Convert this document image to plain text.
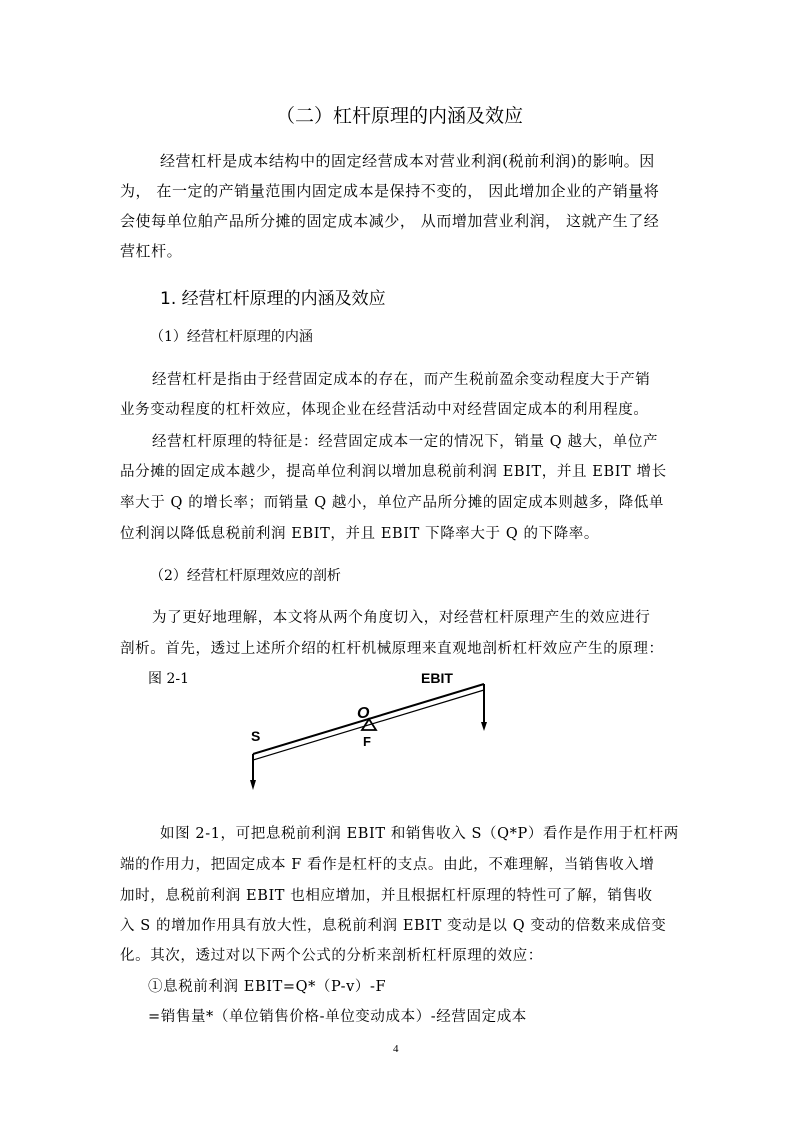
（二）杠杆原理的内涵及效应
经营杠杆是成本结构中的固定经营成本对营业利润(税前利润)的影响。因
为， 在一定的产销量范围内固定成本是保持不变的， 因此增加企业的产销量将
会使每单位舶产品所分摊的固定成本减少， 从而增加营业利润， 这就产生了经
营杠杆。
1. 经营杠杆原理的内涵及效应
（1）经营杠杆原理的内涵
经营杠杆是指由于经营固定成本的存在，而产生税前盈余变动程度大于产销
业务变动程度的杠杆效应，体现企业在经营活动中对经营固定成本的利用程度。
经营杠杆原理的特征是：经营固定成本一定的情况下，销量 Q 越大，单位产
品分摊的固定成本越少，提高单位利润以增加息税前利润 EBIT，并且 EBIT 增长
率大于 Q 的增长率；而销量 Q 越小，单位产品所分摊的固定成本则越多，降低单
位利润以降低息税前利润 EBIT，并且 EBIT 下降率大于 Q 的下降率。
（2）经营杠杆原理效应的剖析
为了更好地理解，本文将从两个角度切入，对经营杠杆原理产生的效应进行
剖析。首先，透过上述所介绍的杠杆机械原理来直观地剖析杠杆效应产生的原理：
图 2-1	EBIT
S
O
F
如图 2-1，可把息税前利润 EBIT 和销售收入 S（Q*P）看作是作用于杠杆两
端的作用力，把固定成本 F 看作是杠杆的支点。由此，不难理解，当销售收入增
加时，息税前利润 EBIT 也相应增加，并且根据杠杆原理的特性可了解，销售收
入 S 的增加作用具有放大性，息税前利润 EBIT 变动是以 Q 变动的倍数来成倍变
化。其次，透过对以下两个公式的分析来剖析杠杆原理的效应：
①息税前利润 EBIT=Q*（P-v）-F
=销售量*（单位销售价格-单位变动成本）-经营固定成本
4
